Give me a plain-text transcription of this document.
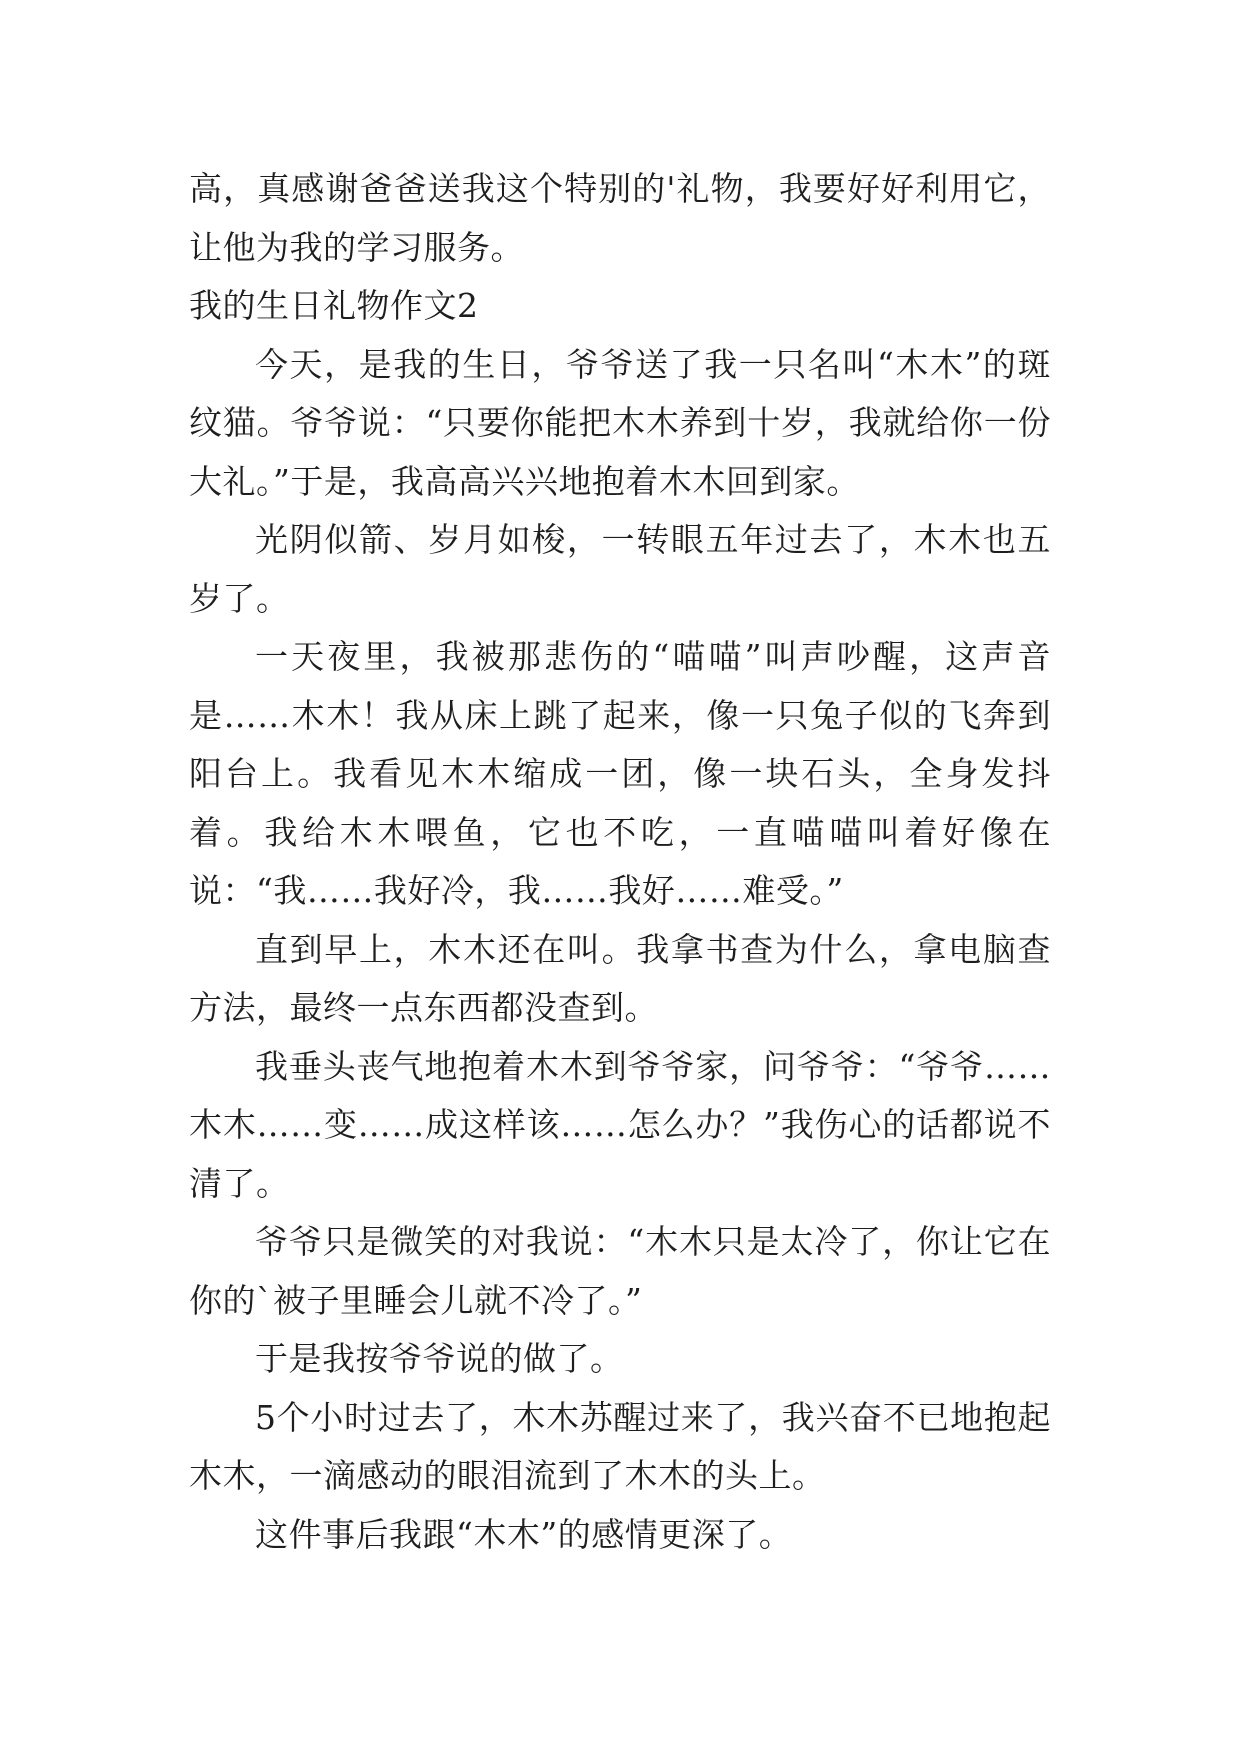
高，真感谢爸爸送我这个特别的'礼物，我要好好利用它，让他为我的学习服务。

我的生日礼物作文2

今天，是我的生日，爷爷送了我一只名叫“木木”的斑纹猫。爷爷说：“只要你能把木木养到十岁，我就给你一份大礼。”于是，我高高兴兴地抱着木木回到家。

光阴似箭、岁月如梭，一转眼五年过去了，木木也五岁了。

一天夜里，我被那悲伤的“喵喵”叫声吵醒，这声音是……木木！我从床上跳了起来，像一只兔子似的飞奔到阳台上。我看见木木缩成一团，像一块石头，全身发抖着。我给木木喂鱼，它也不吃，一直喵喵叫着好像在说：“我……我好冷，我……我好……难受。”

直到早上，木木还在叫。我拿书查为什么，拿电脑查方法，最终一点东西都没查到。

我垂头丧气地抱着木木到爷爷家，问爷爷：“爷爷……木木……变……成这样该……怎么办？”我伤心的话都说不清了。

爷爷只是微笑的对我说：“木木只是太冷了，你让它在你的`被子里睡会儿就不冷了。”

于是我按爷爷说的做了。

5个小时过去了，木木苏醒过来了，我兴奋不已地抱起木木，一滴感动的眼泪流到了木木的头上。

这件事后我跟“木木”的感情更深了。
